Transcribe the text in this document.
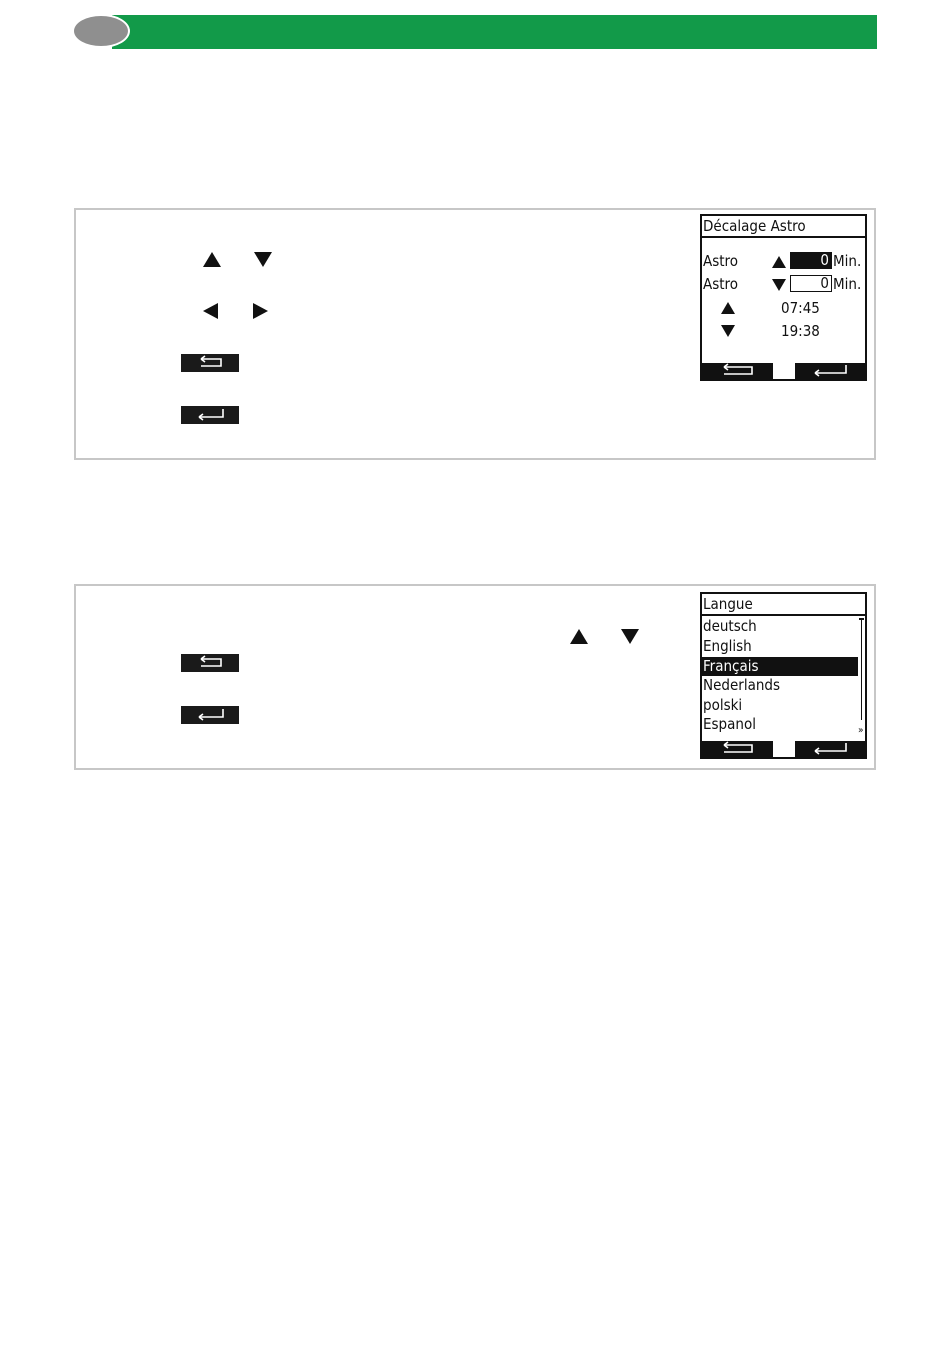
Décalage Astro
Astro	0 Min.
Astro	0 Min.
07:45
19:38
Langue
deutsch
English
Français
Nederlands
polski
Espanol	»
